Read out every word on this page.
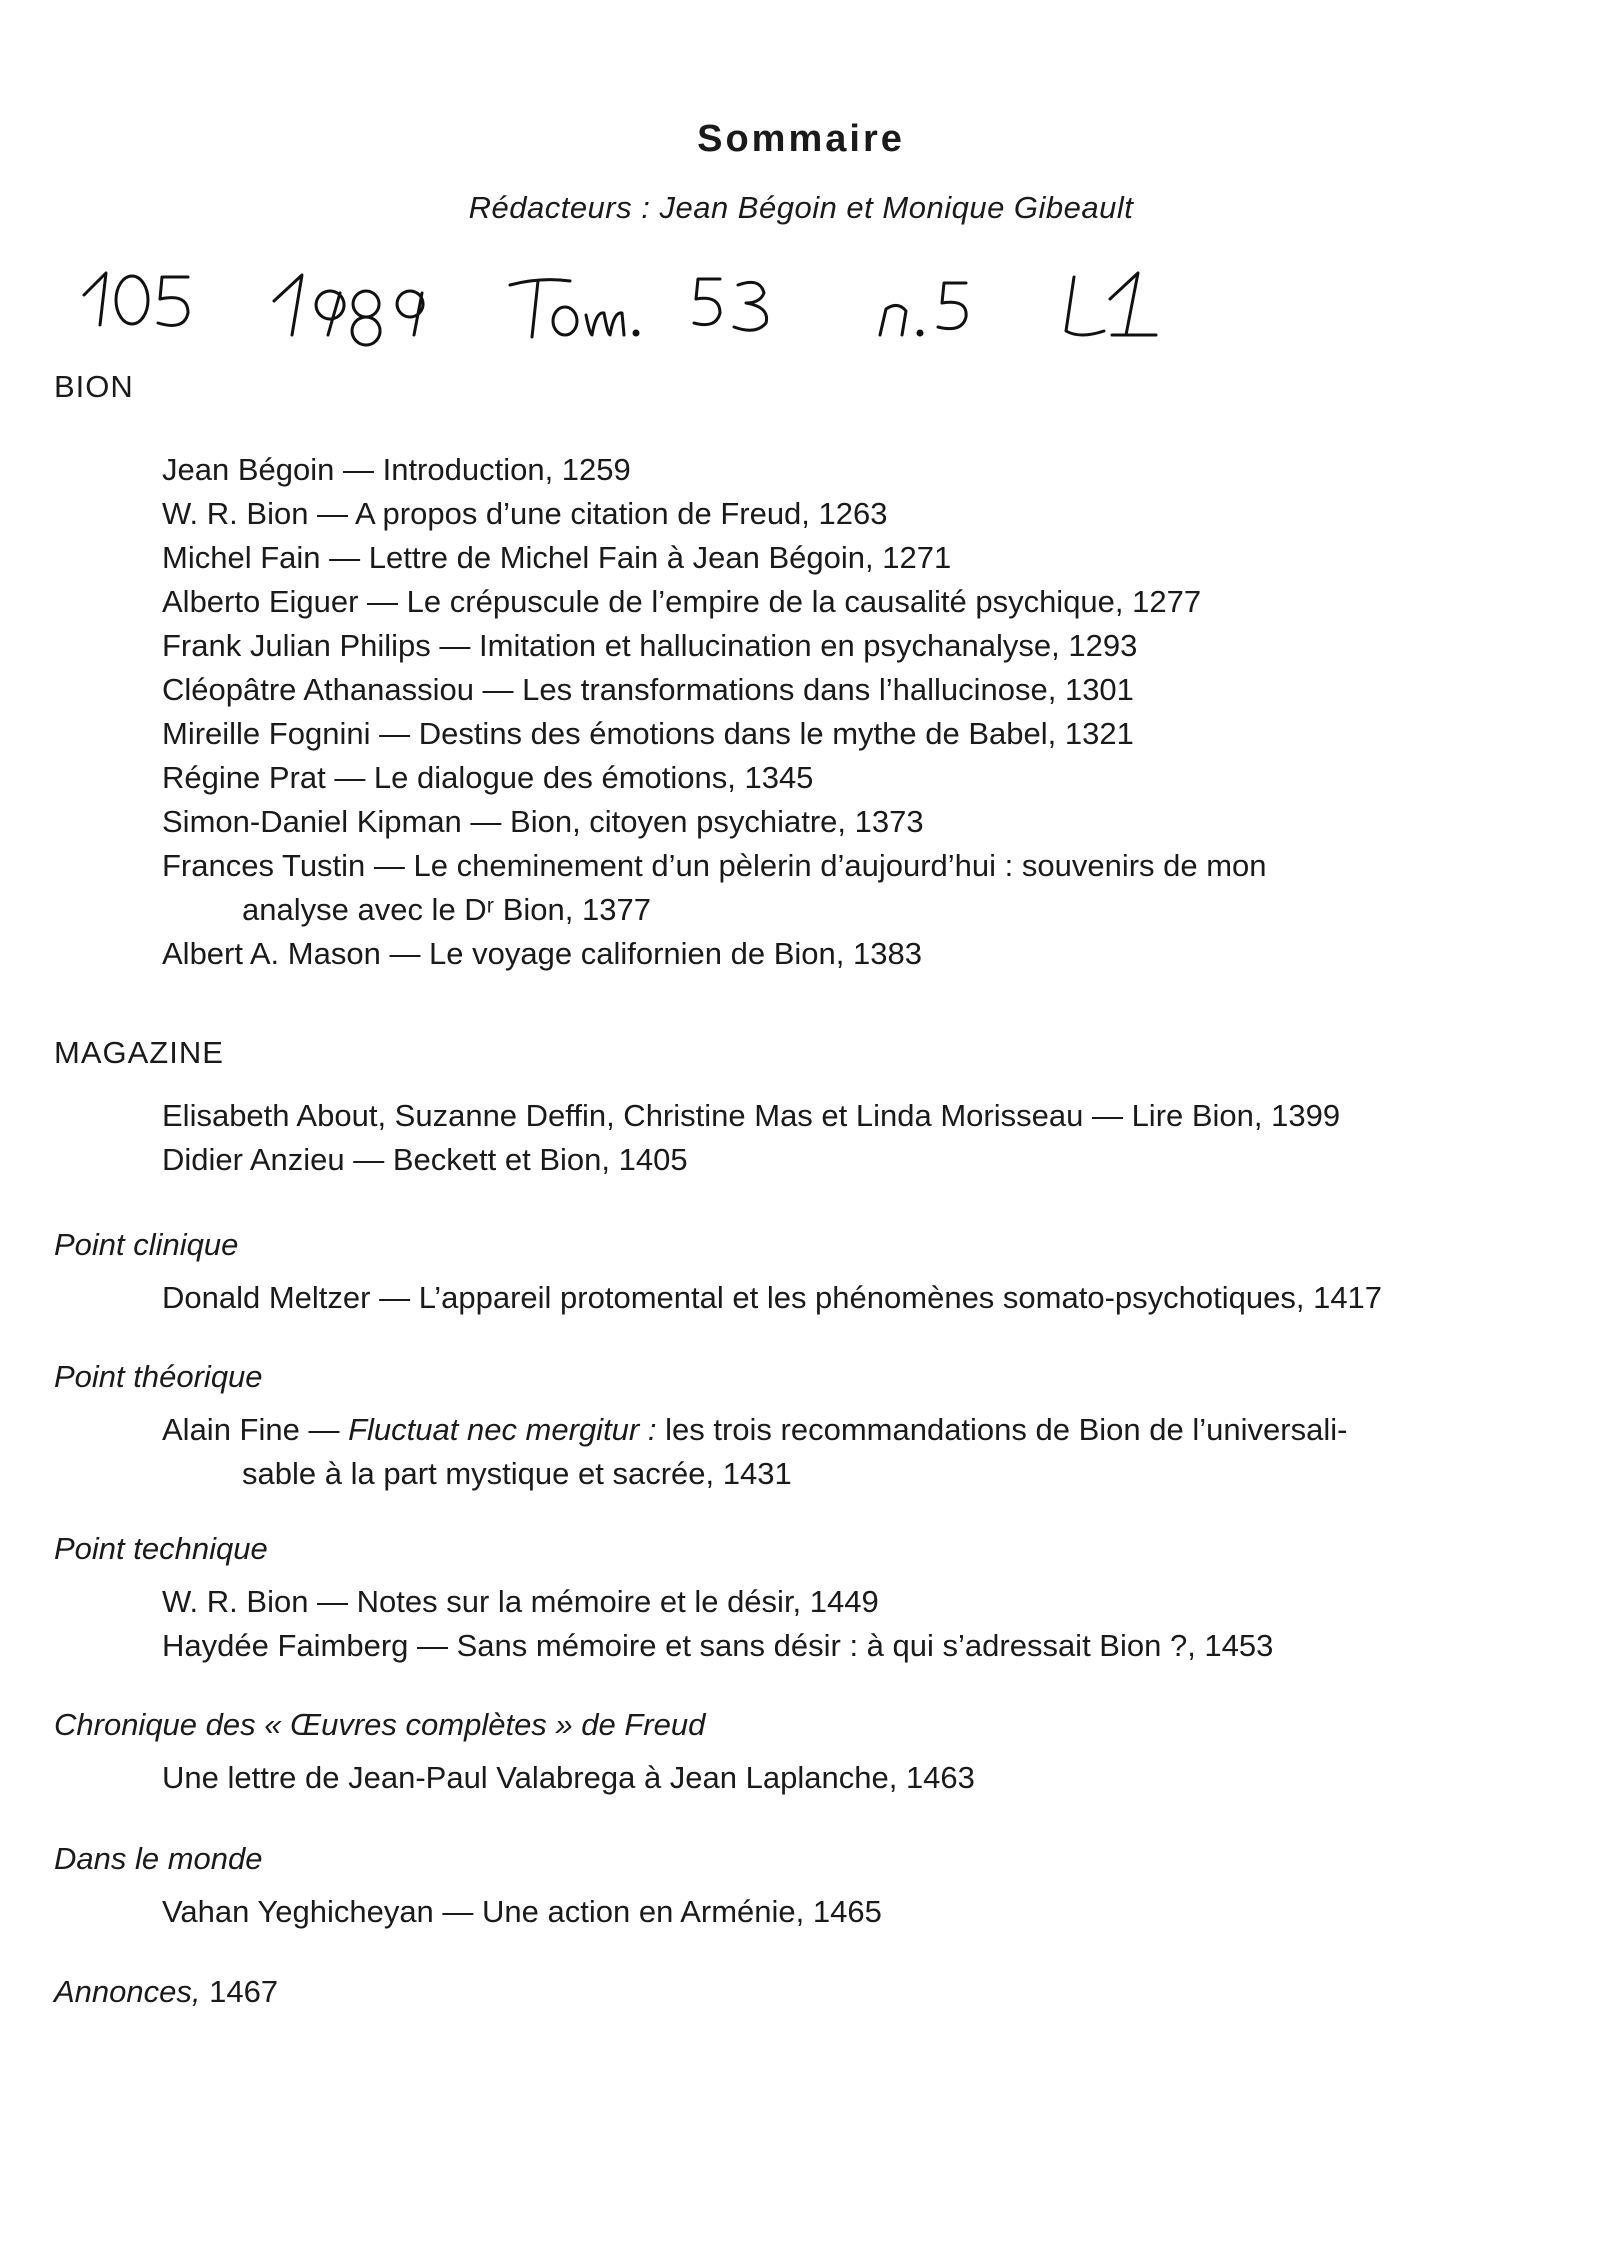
Sommaire
Rédacteurs : Jean Bégoin et Monique Gibeault
BION
Jean Bégoin — Introduction, 1259
W. R. Bion — A propos d’une citation de Freud, 1263
Michel Fain — Lettre de Michel Fain à Jean Bégoin, 1271
Alberto Eiguer — Le crépuscule de l’empire de la causalité psychique, 1277
Frank Julian Philips — Imitation et hallucination en psychanalyse, 1293
Cléopâtre Athanassiou — Les transformations dans l’hallucinose, 1301
Mireille Fognini — Destins des émotions dans le mythe de Babel, 1321
Régine Prat — Le dialogue des émotions, 1345
Simon-Daniel Kipman — Bion, citoyen psychiatre, 1373
Frances Tustin — Le cheminement d’un pèlerin d’aujourd’hui : souvenirs de mon
analyse avec le Dʳ Bion, 1377
Albert A. Mason — Le voyage californien de Bion, 1383
MAGAZINE
Elisabeth About, Suzanne Deffin, Christine Mas et Linda Morisseau — Lire Bion, 1399
Didier Anzieu — Beckett et Bion, 1405
Point clinique
Donald Meltzer — L’appareil protomental et les phénomènes somato-psychotiques, 1417
Point théorique
Alain Fine — Fluctuat nec mergitur : les trois recommandations de Bion de l’universali-
sable à la part mystique et sacrée, 1431
Point technique
W. R. Bion — Notes sur la mémoire et le désir, 1449
Haydée Faimberg — Sans mémoire et sans désir : à qui s’adressait Bion ?, 1453
Chronique des « Œuvres complètes » de Freud
Une lettre de Jean-Paul Valabrega à Jean Laplanche, 1463
Dans le monde
Vahan Yeghicheyan — Une action en Arménie, 1465
Annonces, 1467
